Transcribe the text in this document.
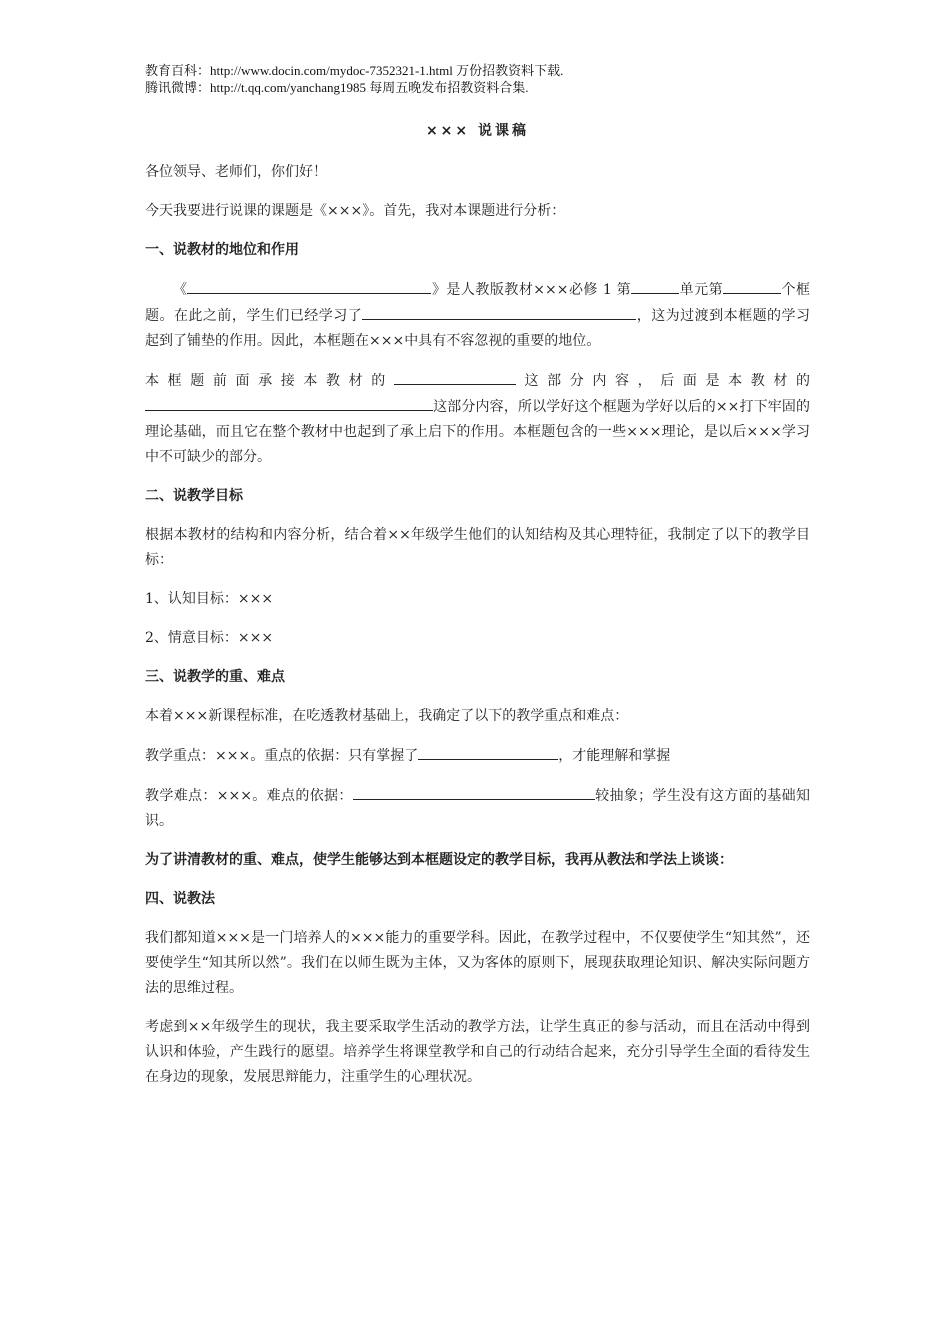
教育百科：http://www.docin.com/mydoc-7352321-1.html 万份招教资料下载.
腾讯微博：http://t.qq.com/yanchang1985 每周五晚发布招教资料合集.
××× 说课稿

各位领导、老师们，你们好！

今天我要进行说课的课题是《×××》。首先，我对本课题进行分析：

一、说教材的地位和作用

《	》是人教版教材×××必修 1 第	单元第	个框题。在此之前，学生们已经学习了	，这为过渡到本框题的学习起到了铺垫的作用。因此，本框题在×××中具有不容忽视的重要的地位。

本框题前面承接本教材的	这部分内容，后面是本教材的这部分内容，所以学好这个框题为学好以后的××打下牢固的理论基础，而且它在整个教材中也起到了承上启下的作用。本框题包含的一些×××理论，是以后×××学习中不可缺少的部分。

二、说教学目标

根据本教材的结构和内容分析，结合着××年级学生他们的认知结构及其心理特征，我制定了以下的教学目标：

1、认知目标：×××

2、情意目标：×××

三、说教学的重、难点

本着×××新课程标准，在吃透教材基础上，我确定了以下的教学重点和难点：

教学重点：×××。重点的依据：只有掌握了	，才能理解和掌握

教学难点：×××。难点的依据：	较抽象；学生没有这方面的基础知识。

为了讲清教材的重、难点，使学生能够达到本框题设定的教学目标，我再从教法和学法上谈谈：

四、说教法

我们都知道×××是一门培养人的×××能力的重要学科。因此，在教学过程中，不仅要使学生“知其然”，还要使学生“知其所以然”。我们在以师生既为主体，又为客体的原则下，展现获取理论知识、解决实际问题方法的思维过程。

考虑到××年级学生的现状，我主要采取学生活动的教学方法，让学生真正的参与活动，而且在活动中得到认识和体验，产生践行的愿望。培养学生将课堂教学和自己的行动结合起来，充分引导学生全面的看待发生在身边的现象，发展思辩能力，注重学生的心理状况。
